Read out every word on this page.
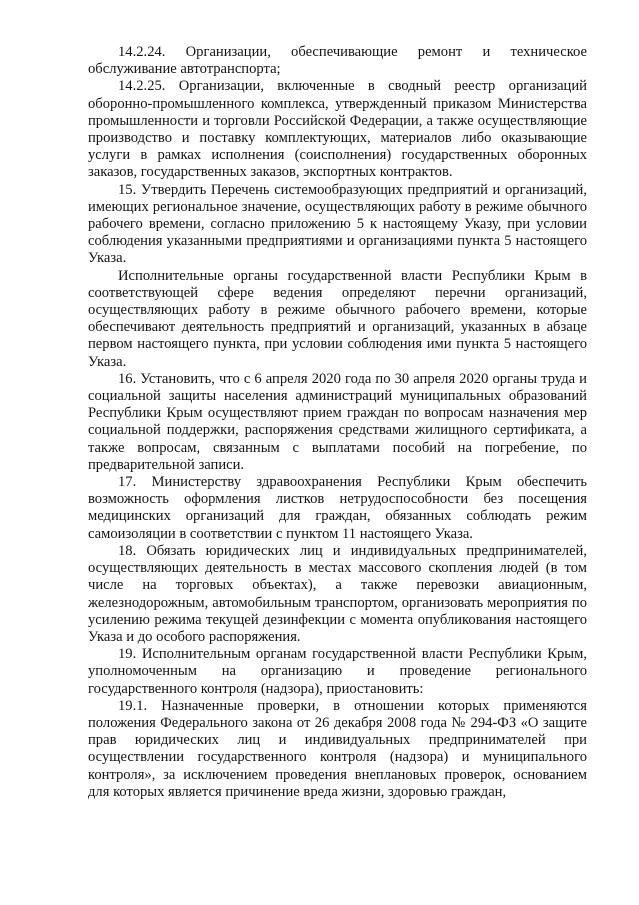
14.2.24. Организации, обеспечивающие ремонт и техническое обслуживание автотранспорта;

14.2.25. Организации, включенные в сводный реестр организаций оборонно-промышленного комплекса, утвержденный приказом Министерства промышленности и торговли Российской Федерации, а также осуществляющие производство и поставку комплектующих, материалов либо оказывающие услуги в рамках исполнения (соисполнения) государственных оборонных заказов, государственных заказов, экспортных контрактов.

15. Утвердить Перечень системообразующих предприятий и организаций, имеющих региональное значение, осуществляющих работу в режиме обычного рабочего времени, согласно приложению 5 к настоящему Указу, при условии соблюдения указанными предприятиями и организациями пункта 5 настоящего Указа.

Исполнительные органы государственной власти Республики Крым в соответствующей сфере ведения определяют перечни организаций, осуществляющих работу в режиме обычного рабочего времени, которые обеспечивают деятельность предприятий и организаций, указанных в абзаце первом настоящего пункта, при условии соблюдения ими пункта 5 настоящего Указа.

16. Установить, что с 6 апреля 2020 года по 30 апреля 2020 органы труда и социальной защиты населения администраций муниципальных образований Республики Крым осуществляют прием граждан по вопросам назначения мер социальной поддержки, распоряжения средствами жилищного сертификата, а также вопросам, связанным с выплатами пособий на погребение, по предварительной записи.

17. Министерству здравоохранения Республики Крым обеспечить возможность оформления листков нетрудоспособности без посещения медицинских организаций для граждан, обязанных соблюдать режим самоизоляции в соответствии с пунктом 11 настоящего Указа.

18. Обязать юридических лиц и индивидуальных предпринимателей, осуществляющих деятельность в местах массового скопления людей (в том числе на торговых объектах), а также перевозки авиационным, железнодорожным, автомобильным транспортом, организовать мероприятия по усилению режима текущей дезинфекции с момента опубликования настоящего Указа и до особого распоряжения.

19. Исполнительным органам государственной власти Республики Крым, уполномоченным на организацию и проведение регионального государственного контроля (надзора), приостановить:

19.1. Назначенные проверки, в отношении которых применяются положения Федерального закона от 26 декабря 2008 года № 294-ФЗ «О защите прав юридических лиц и индивидуальных предпринимателей при осуществлении государственного контроля (надзора) и муниципального контроля», за исключением проведения внеплановых проверок, основанием для которых является причинение вреда жизни, здоровью граждан,
